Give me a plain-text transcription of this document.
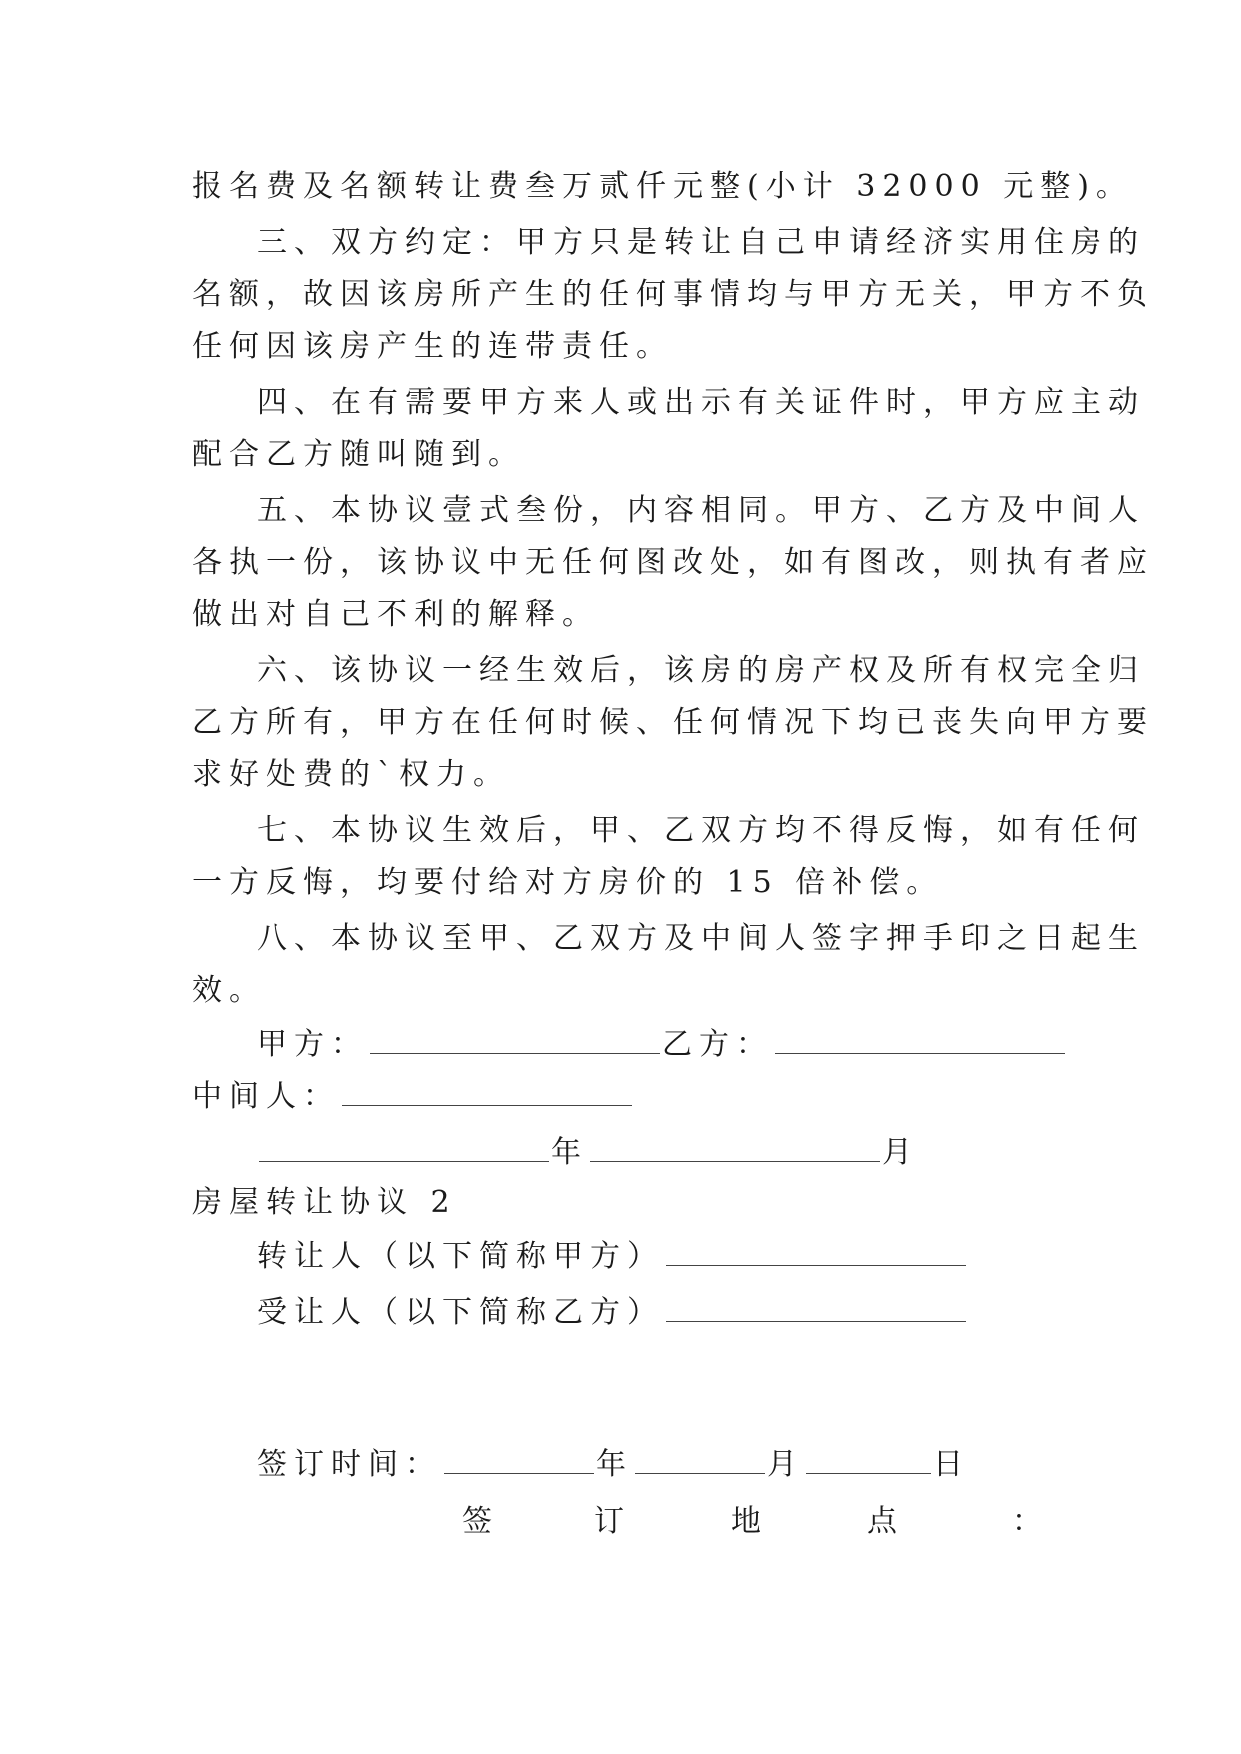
报名费及名额转让费叁万贰仟元整(小计 32000 元整)。
三、双方约定：甲方只是转让自己申请经济实用住房的
名额，故因该房所产生的任何事情均与甲方无关，甲方不负
任何因该房产生的连带责任。
四、在有需要甲方来人或出示有关证件时，甲方应主动
配合乙方随叫随到。
五、本协议壹式叁份，内容相同。甲方、乙方及中间人
各执一份，该协议中无任何图改处，如有图改，则执有者应
做出对自己不利的解释。
六、该协议一经生效后，该房的房产权及所有权完全归
乙方所有，甲方在任何时候、任何情况下均已丧失向甲方要
求好处费的`权力。
七、本协议生效后，甲、乙双方均不得反悔，如有任何
一方反悔，均要付给对方房价的 15 倍补偿。
八、本协议至甲、乙双方及中间人签字押手印之日起生
效。
甲方：	乙方：
中间人：
年	月
房屋转让协议 2
转让人（以下简称甲方）
受让人（以下简称乙方）
签订时间：	年	月	日
签	订	地	点	：
